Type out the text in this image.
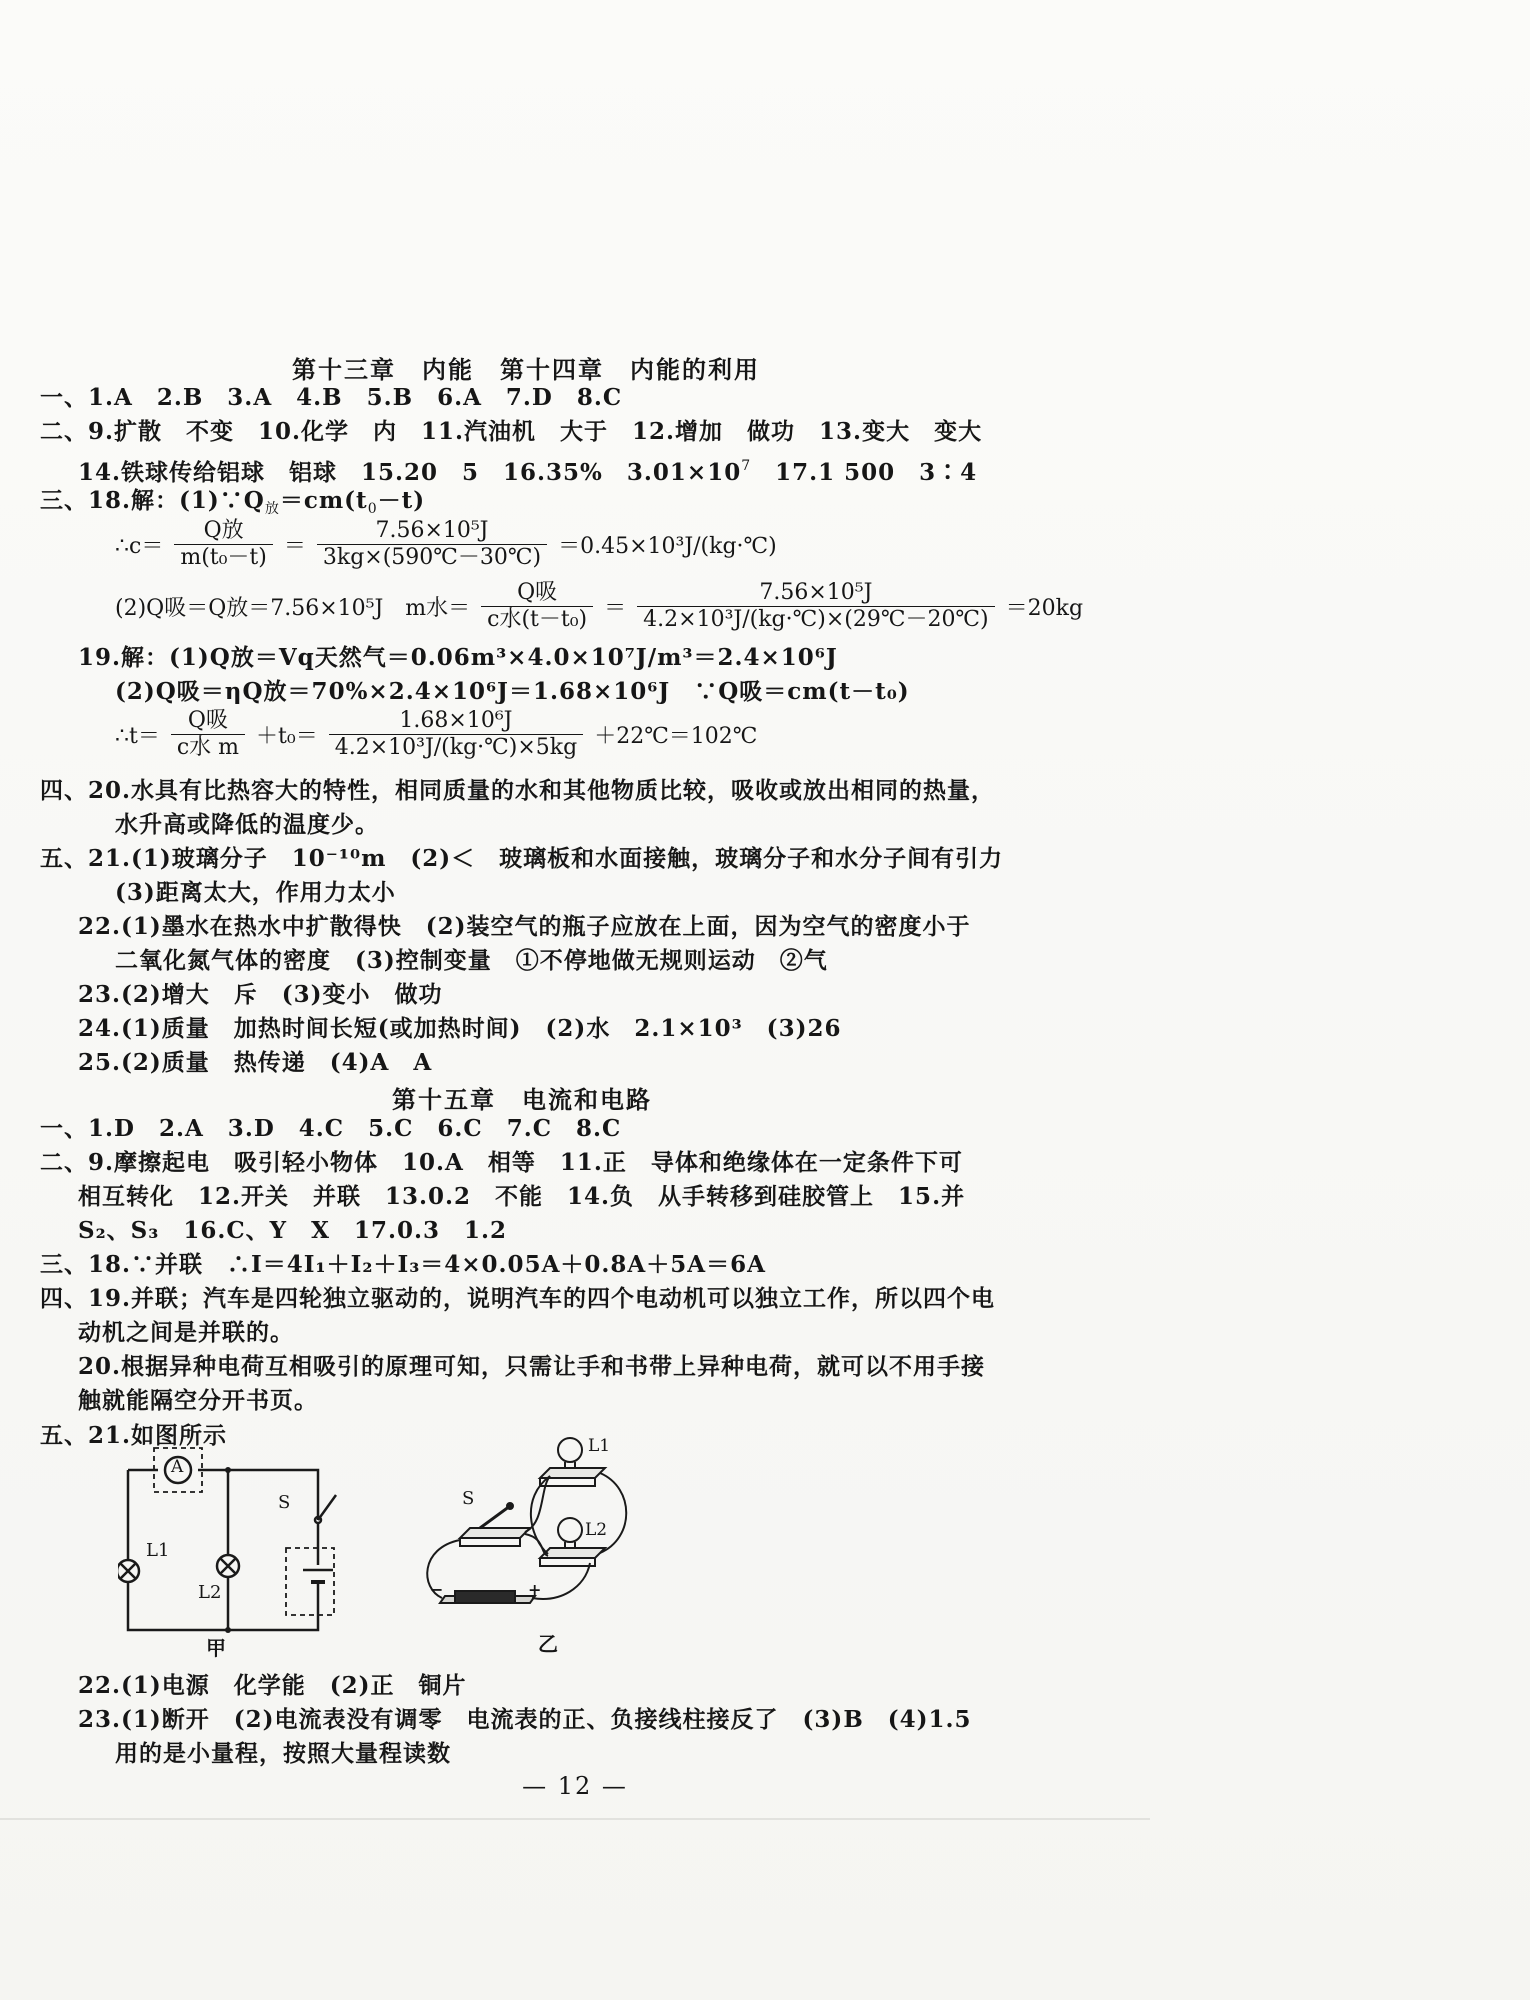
第十三章　内能　第十四章　内能的利用
一、1.A　2.B　3.A　4.B　5.B　6.A　7.D　8.C
二、9.扩散　不变　10.化学　内　11.汽油机　大于　12.增加　做功　13.变大　变大
14.铁球传给铝球　铝球　15.20　5　16.35%　$3.01\times 10^7$　17.1 500　3∶4
三、18.解：$(1)\because Q_放=cm(t_0-t)$
∴c＝ $\frac{\text{Q放}}{\text{m(t₀－t)}} = \frac{\text{7.56×10⁵J}}{3kg\times(590℃-30℃)}$ ＝0.45×10³J/(kg·℃)
(2)Q吸＝Q放＝7.56×10⁵J　m水＝ $\frac{\text{Q吸}}{\text{c水(t－t₀)}} = \frac{\text{7.56×10⁵J}}{\text{4.2×10³J/(kg·℃)×(29℃－20℃)}} =20kg$
19.解：(1)Q放＝Vq天然气＝0.06m³×4.0×10⁷J/m³＝2.4×10⁶J
(2)Q吸＝ηQ放＝70%×2.4×10⁶J＝1.68×10⁶J　∵Q吸＝cm(t－t₀)
∴t＝ $\frac{\text{Q吸}}{\text{c水 m}} +t_0= \frac{\text{1.68×10⁶J}}{\text{4.2×10³J/(kg·℃)×5kg}}$ ＋22℃＝102℃
四、20.水具有比热容大的特性，相同质量的水和其他物质比较，吸收或放出相同的热量，
水升高或降低的温度少。
五、21.(1)玻璃分子　10⁻¹⁰m　(2)＜　玻璃板和水面接触，玻璃分子和水分子间有引力
(3)距离太大，作用力太小
22.(1)墨水在热水中扩散得快　(2)装空气的瓶子应放在上面，因为空气的密度小于
二氧化氮气体的密度　(3)控制变量　①不停地做无规则运动　②气
23.(2)增大　斥　(3)变小　做功
24.(1)质量　加热时间长短(或加热时间)　(2)水　2.1×10³　(3)26
25.(2)质量　热传递　(4)A　A
第十五章　电流和电路
一、1.D　2.A　3.D　4.C　5.C　6.C　7.C　8.C
二、9.摩擦起电　吸引轻小物体　10.A　相等　11.正　导体和绝缘体在一定条件下可
相互转化　12.开关　并联　13.0.2　不能　14.负　从手转移到硅胶管上　15.并
S₂、S₃　16.C、Y　X　17.0.3　1.2
三、18.∵并联　∴I＝4I₁＋I₂＋I₃＝4×0.05A＋0.8A＋5A＝6A
四、19.并联；汽车是四轮独立驱动的，说明汽车的四个电动机可以独立工作，所以四个电
动机之间是并联的。
20.根据异种电荷互相吸引的原理可知，只需让手和书带上异种电荷，就可以不用手接
触就能隔空分开书页。
五、21.如图所示
A
L1
L2
S
甲
S
L1
L2
+
−
乙
22.(1)电源　化学能　(2)正　铜片
23.(1)断开　(2)电流表没有调零　电流表的正、负接线柱接反了　(3)B　(4)1.5
用的是小量程，按照大量程读数
— 12 —
